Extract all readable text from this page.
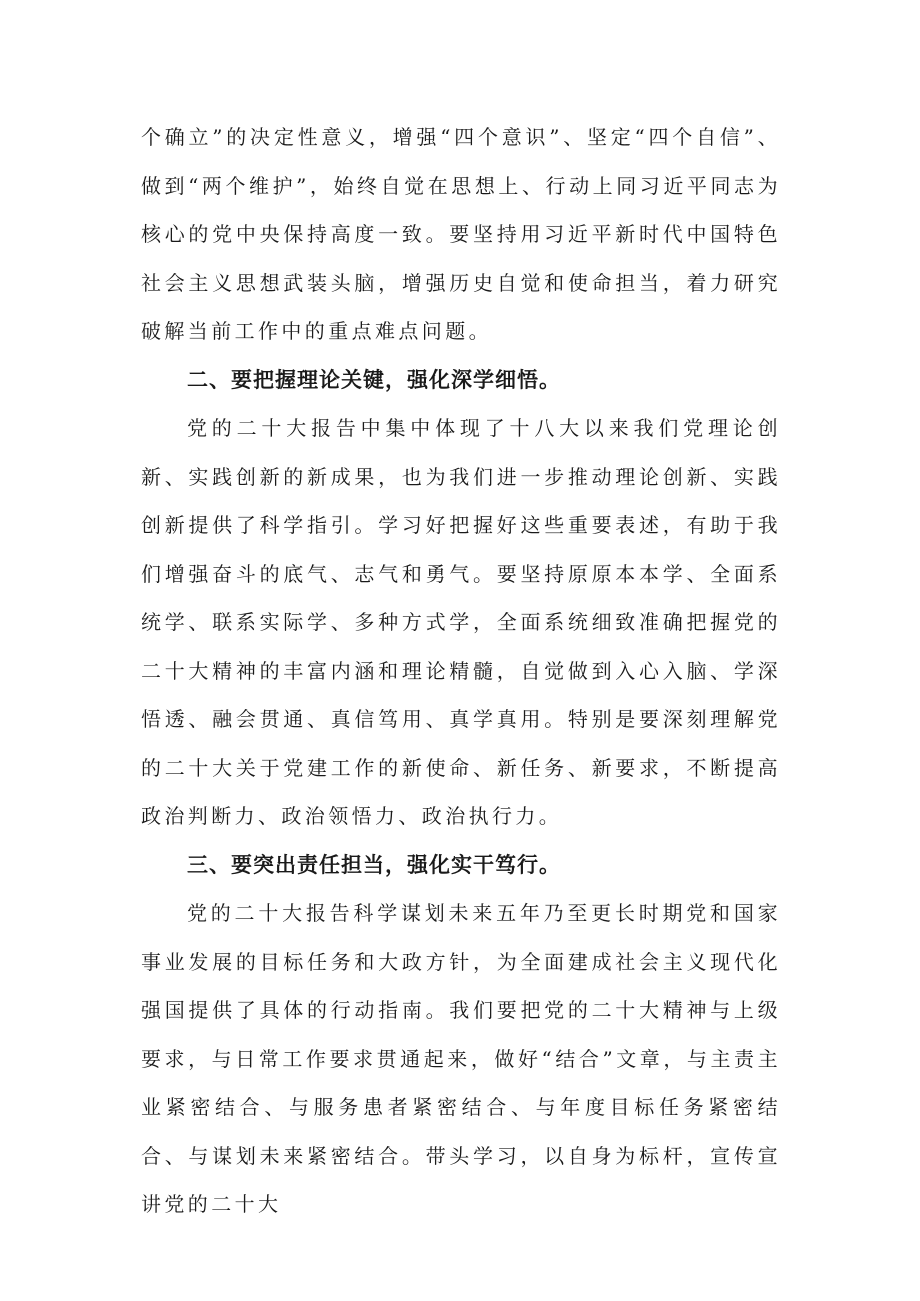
个确立”的决定性意义，增强“四个意识”、坚定“四个自信”、做到“两个维护”，始终自觉在思想上、行动上同习近平同志为核心的党中央保持高度一致。要坚持用习近平新时代中国特色社会主义思想武装头脑，增强历史自觉和使命担当，着力研究破解当前工作中的重点难点问题。

二、要把握理论关键，强化深学细悟。

党的二十大报告中集中体现了十八大以来我们党理论创新、实践创新的新成果，也为我们进一步推动理论创新、实践创新提供了科学指引。学习好把握好这些重要表述，有助于我们增强奋斗的底气、志气和勇气。要坚持原原本本学、全面系统学、联系实际学、多种方式学，全面系统细致准确把握党的二十大精神的丰富内涵和理论精髓，自觉做到入心入脑、学深悟透、融会贯通、真信笃用、真学真用。特别是要深刻理解党的二十大关于党建工作的新使命、新任务、新要求，不断提高政治判断力、政治领悟力、政治执行力。

三、要突出责任担当，强化实干笃行。

党的二十大报告科学谋划未来五年乃至更长时期党和国家事业发展的目标任务和大政方针，为全面建成社会主义现代化强国提供了具体的行动指南。我们要把党的二十大精神与上级要求，与日常工作要求贯通起来，做好“结合”文章，与主责主业紧密结合、与服务患者紧密结合、与年度目标任务紧密结合、与谋划未来紧密结合。带头学习，以自身为标杆，宣传宣讲党的二十大
